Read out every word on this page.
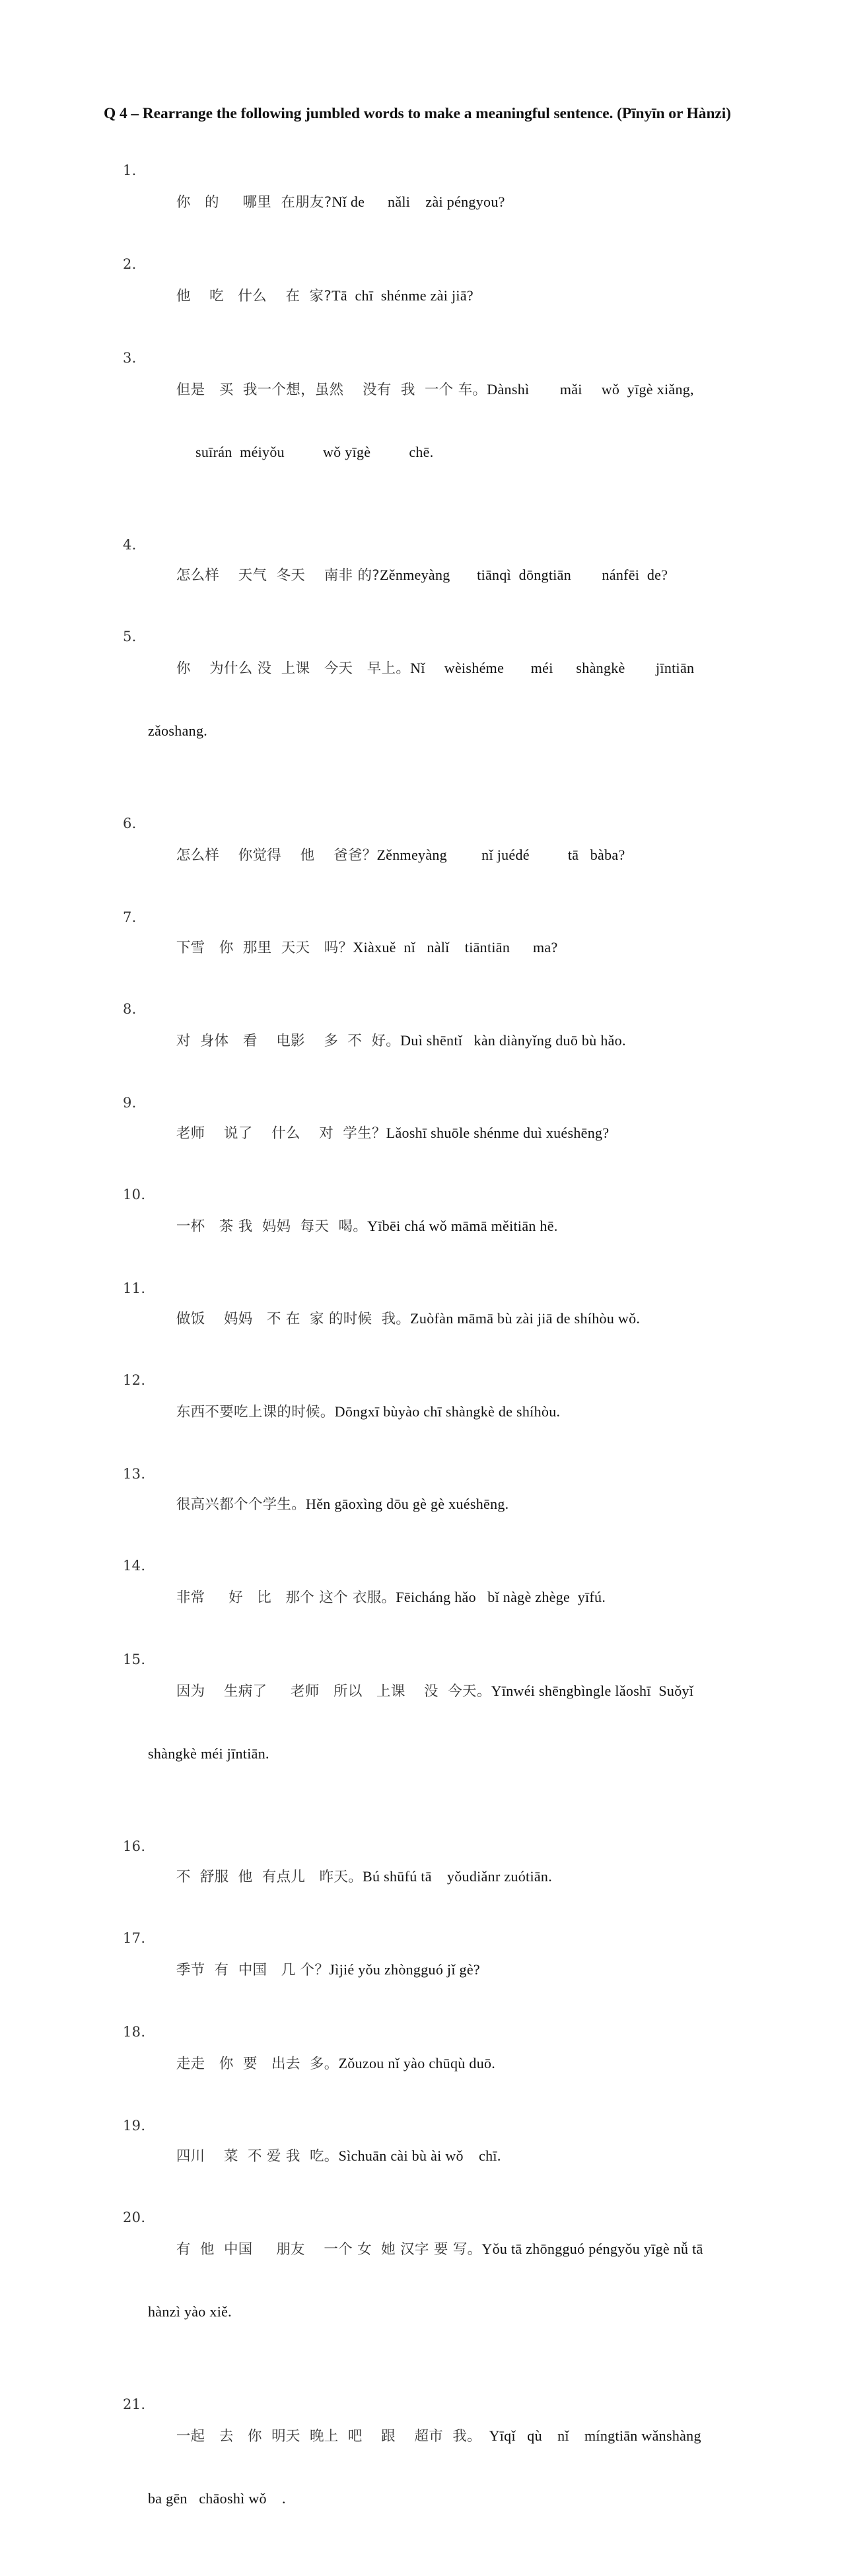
Q 4 – Rearrange the following jumbled words to make a meaningful sentence. (Pīnyīn or Hànzi)

1.
你   的     哪里  在朋友?Nǐ de      nǎli    zài péngyou?

2.
他    吃   什么    在  家?Tā  chī  shénme zài jiā?

3.
但是   买  我一个想，虽然    没有  我  一个 车。Dànshì        mǎi     wǒ  yīgè xiǎng,

suīrán  méiyǒu          wǒ yīgè          chē.

4.
怎么样    天气  冬天    南非 的?Zěnmeyàng       tiānqì  dōngtiān        nánfēi  de?

5.
你    为什么 没  上课   今天   早上。Nǐ     wèishéme       méi      shàngkè        jīntiān

zǎoshang.

6.
怎么样    你觉得    他    爸爸？Zěnmeyàng         nǐ juédé          tā   bàba?

7.
下雪   你  那里  天天   吗？Xiàxuě  nǐ   nàlǐ    tiāntiān      ma?

8.
对  身体   看    电影    多  不  好。Duì shēntǐ   kàn diànyǐng duō bù hǎo.

9.
老师    说了    什么    对  学生？Lǎoshī shuōle shénme duì xuéshēng?

10.
一杯   茶 我  妈妈  每天  喝。Yībēi chá wǒ māmā měitiān hē.

11.
做饭    妈妈   不 在  家 的时候  我。Zuòfàn māmā bù zài jiā de shíhòu wǒ.

12.
东西不要吃上课的时候。Dōngxī bùyào chī shàngkè de shíhòu.

13.
很高兴都个个学生。Hěn gāoxìng dōu gè gè xuéshēng.

14.
非常     好   比   那个 这个 衣服。Fēicháng hǎo   bǐ nàgè zhège  yīfú.

15.
因为    生病了     老师   所以   上课    没  今天。Yīnwéi shēngbìngle lǎoshī  Suǒyǐ

shàngkè méi jīntiān.

16.
不  舒服  他  有点儿   昨天。Bú shūfú tā    yǒudiǎnr zuótiān.

17.
季节  有  中国   几 个？Jìjié yǒu zhòngguó jǐ gè?

18.
走走   你  要   出去  多。Zǒuzou nǐ yào chūqù duō.

19.
四川    菜  不 爱 我  吃。Sìchuān cài bù ài wǒ    chī.

20.
有  他  中国     朋友    一个 女  她 汉字 要 写。Yǒu tā zhōngguó péngyǒu yīgè nǚ tā

hànzì yào xiě.

21.
一起   去   你  明天  晚上  吧    跟    超市  我。  Yīqǐ   qù    nǐ    míngtiān wǎnshàng

ba gēn   chāoshì wǒ    .
